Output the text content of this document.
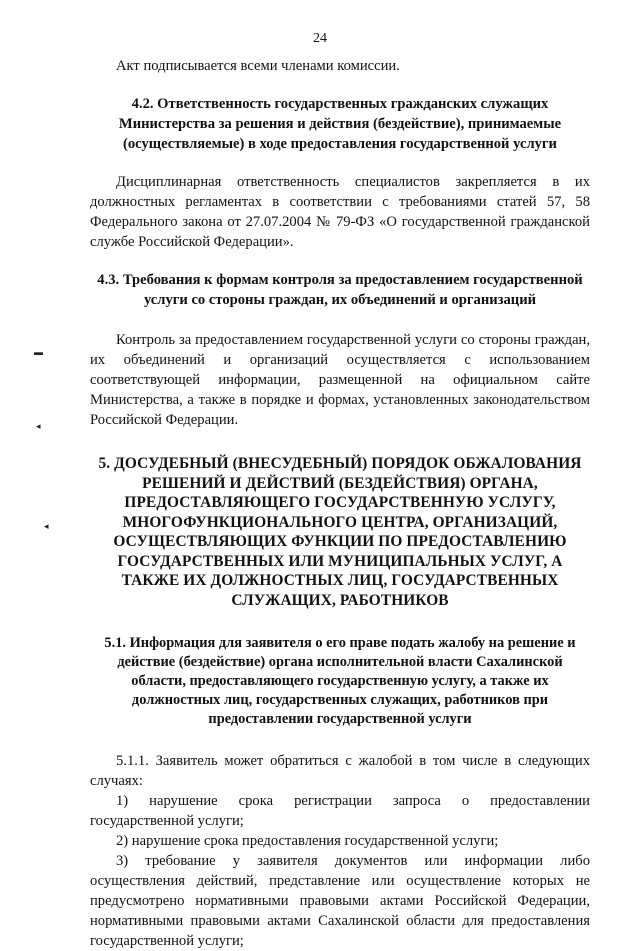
24

Акт подписывается всеми членами комиссии.

4.2. Ответственность государственных гражданских служащих Министерства за решения и действия (бездействие), принимаемые (осуществляемые) в ходе предоставления государственной услуги

Дисциплинарная ответственность специалистов закрепляется в их должностных регламентах в соответствии с требованиями статей 57, 58 Федерального закона от 27.07.2004 № 79-ФЗ «О государственной гражданской службе Российской Федерации».

4.3. Требования к формам контроля за предоставлением государственной услуги со стороны граждан, их объединений и организаций

Контроль за предоставлением государственной услуги со стороны граждан, их объединений и организаций осуществляется с использованием соответствующей информации, размещенной на официальном сайте Министерства, а также в порядке и формах, установленных законодательством Российской Федерации.

5. ДОСУДЕБНЫЙ (ВНЕСУДЕБНЫЙ) ПОРЯДОК ОБЖАЛОВАНИЯ РЕШЕНИЙ И ДЕЙСТВИЙ (БЕЗДЕЙСТВИЯ) ОРГАНА, ПРЕДОСТАВЛЯЮЩЕГО ГОСУДАРСТВЕННУЮ УСЛУГУ, МНОГОФУНКЦИОНАЛЬНОГО ЦЕНТРА, ОРГАНИЗАЦИЙ, ОСУЩЕСТВЛЯЮЩИХ ФУНКЦИИ ПО ПРЕДОСТАВЛЕНИЮ ГОСУДАРСТВЕННЫХ ИЛИ МУНИЦИПАЛЬНЫХ УСЛУГ, А ТАКЖЕ ИХ ДОЛЖНОСТНЫХ ЛИЦ, ГОСУДАРСТВЕННЫХ СЛУЖАЩИХ, РАБОТНИКОВ

5.1. Информация для заявителя о его праве подать жалобу на решение и действие (бездействие) органа исполнительной власти Сахалинской области, предоставляющего государственную услугу, а также их должностных лиц, государственных служащих, работников при предоставлении государственной услуги

5.1.1. Заявитель может обратиться с жалобой в том числе в следующих случаях:

1) нарушение срока регистрации запроса о предоставлении государственной услуги;

2) нарушение срока предоставления государственной услуги;

3) требование у заявителя документов или информации либо осуществления действий, представление или осуществление которых не предусмотрено нормативными правовыми актами Российской Федерации, нормативными правовыми актами Сахалинской области для предоставления государственной услуги;

▬
◂
◂
